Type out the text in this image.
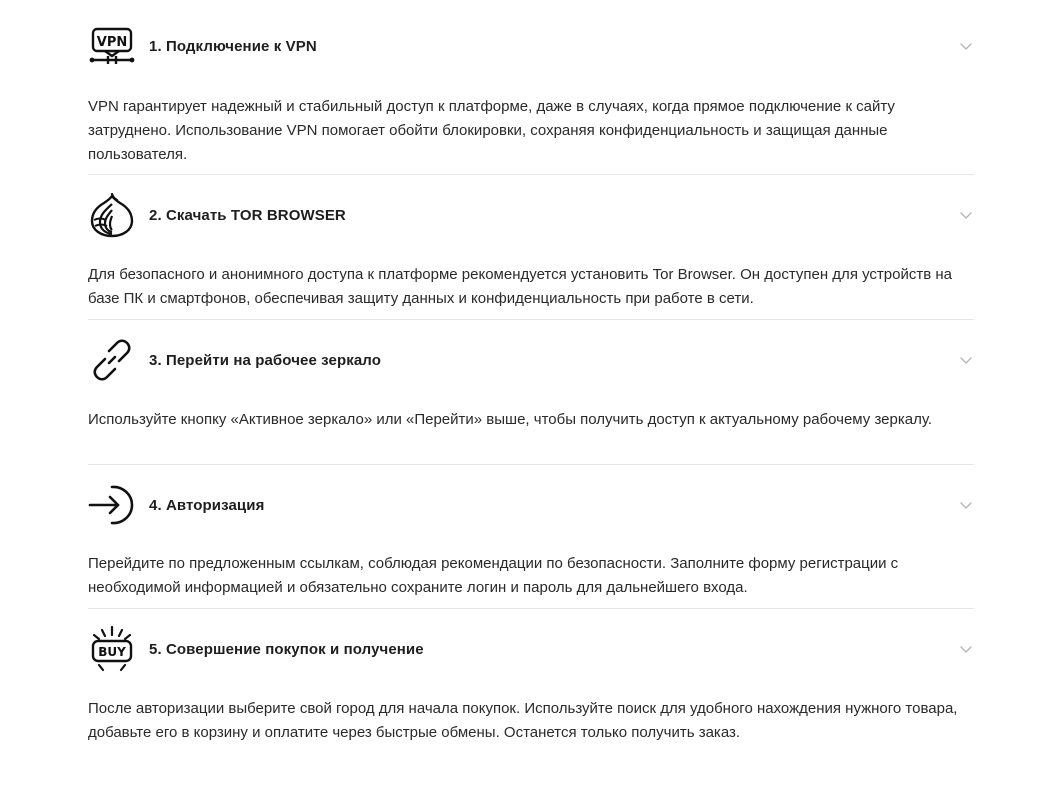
VPN 1. Подключение к VPN

VPN гарантирует надежный и стабильный доступ к платформе, даже в случаях, когда прямое подключение к сайту затруднено. Использование VPN помогает обойти блокировки, сохраняя конфиденциальность и защищая данные пользователя.

2. Скачать TOR BROWSER

Для безопасного и анонимного доступа к платформе рекомендуется установить Tor Browser. Он доступен для устройств на базе ПК и смартфонов, обеспечивая защиту данных и конфиденциальность при работе в сети.

3. Перейти на рабочее зеркало

Используйте кнопку «Активное зеркало» или «Перейти» выше, чтобы получить доступ к актуальному рабочему зеркалу.

4. Авторизация

Перейдите по предложенным ссылкам, соблюдая рекомендации по безопасности. Заполните форму регистрации с необходимой информацией и обязательно сохраните логин и пароль для дальнейшего входа.

BUY 5. Совершение покупок и получение

После авторизации выберите свой город для начала покупок. Используйте поиск для удобного нахождения нужного товара, добавьте его в корзину и оплатите через быстрые обмены. Останется только получить заказ.
